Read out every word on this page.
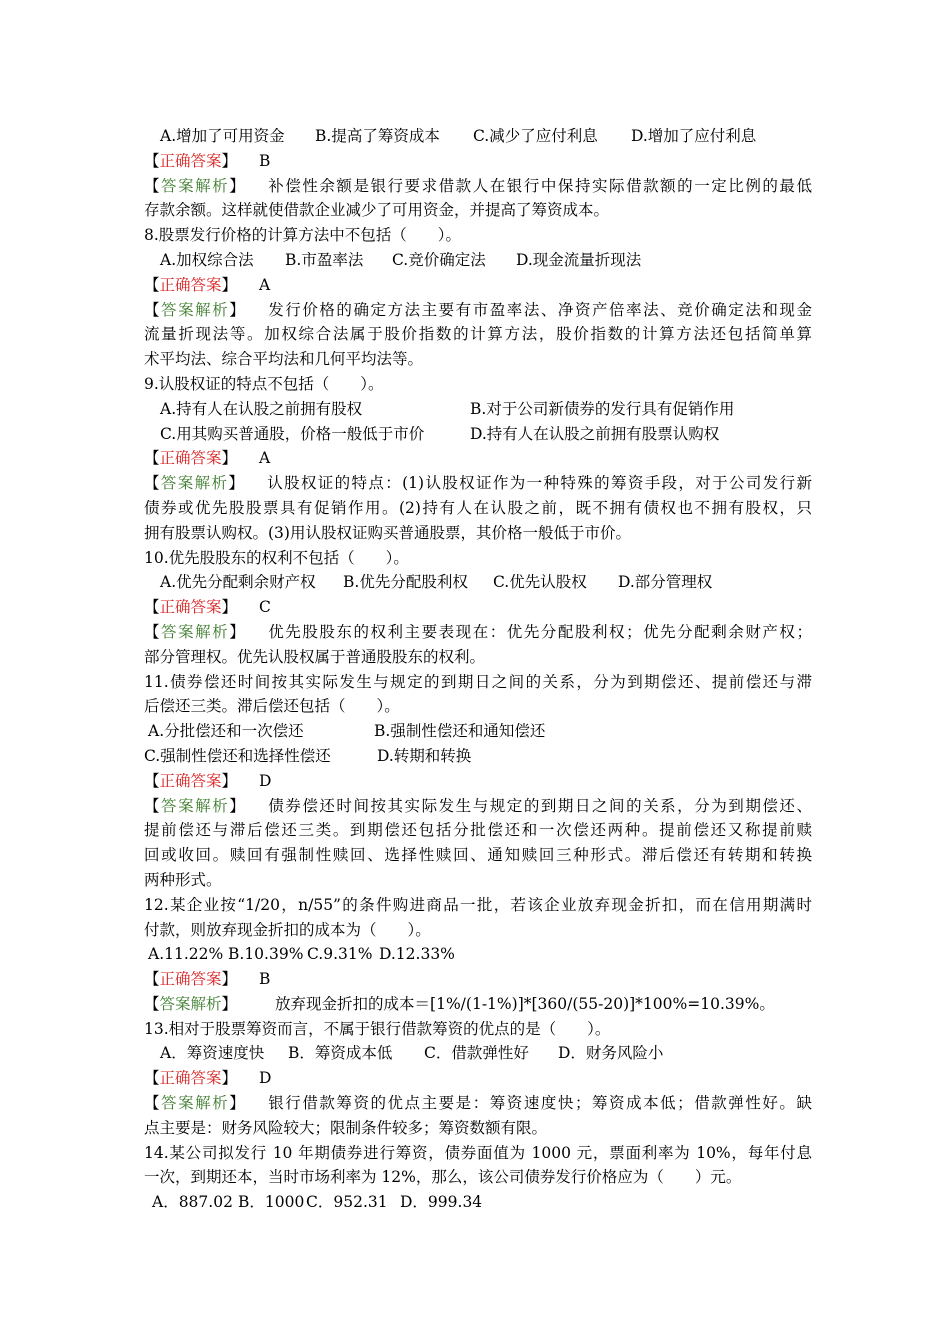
A.增加了可用资金 B.提高了筹资成本 C.减少了应付利息 D.增加了应付利息
【正确答案】 B
【答案解析】 补偿性余额是银行要求借款人在银行中保持实际借款额的一定比例的最低
存款余额。这样就使借款企业减少了可用资金，并提高了筹资成本。
8.股票发行价格的计算方法中不包括（　　）。
A.加权综合法 B.市盈率法 C.竞价确定法 D.现金流量折现法
【正确答案】 A
【答案解析】 发行价格的确定方法主要有市盈率法、净资产倍率法、竞价确定法和现金
流量折现法等。加权综合法属于股价指数的计算方法，股价指数的计算方法还包括简单算
术平均法、综合平均法和几何平均法等。
9.认股权证的特点不包括（　　）。
A.持有人在认股之前拥有股权	B.对于公司新债券的发行具有促销作用
C.用其购买普通股，价格一般低于市价	D.持有人在认股之前拥有股票认购权
【正确答案】 A
【答案解析】 认股权证的特点：(1)认股权证作为一种特殊的筹资手段，对于公司发行新
债券或优先股股票具有促销作用。(2)持有人在认股之前，既不拥有债权也不拥有股权，只
拥有股票认购权。(3)用认股权证购买普通股票，其价格一般低于市价。
10.优先股股东的权利不包括（　　）。
A.优先分配剩余财产权 B.优先分配股利权 C.优先认股权 D.部分管理权
【正确答案】 C
【答案解析】 优先股股东的权利主要表现在：优先分配股利权；优先分配剩余财产权；
部分管理权。优先认股权属于普通股股东的权利。
11.债券偿还时间按其实际发生与规定的到期日之间的关系，分为到期偿还、提前偿还与滞
后偿还三类。滞后偿还包括（　　）。
A.分批偿还和一次偿还	B.强制性偿还和通知偿还
C.强制性偿还和选择性偿还	D.转期和转换
【正确答案】 D
【答案解析】 债券偿还时间按其实际发生与规定的到期日之间的关系，分为到期偿还、
提前偿还与滞后偿还三类。到期偿还包括分批偿还和一次偿还两种。提前偿还又称提前赎
回或收回。赎回有强制性赎回、选择性赎回、通知赎回三种形式。滞后偿还有转期和转换
两种形式。
12.某企业按“1/20，n/55”的条件购进商品一批，若该企业放弃现金折扣，而在信用期满时
付款，则放弃现金折扣的成本为（　　）。
A.11.22% B.10.39% C.9.31% D.12.33%
【正确答案】 B
【答案解析】 放弃现金折扣的成本＝[1%/(1-1%)]*[360/(55-20)]*100%=10.39%。
13.相对于股票筹资而言，不属于银行借款筹资的优点的是（　　）。
A．筹资速度快 B．筹资成本低 C．借款弹性好 D．财务风险小
【正确答案】 D
【答案解析】 银行借款筹资的优点主要是：筹资速度快；筹资成本低；借款弹性好。缺
点主要是：财务风险较大；限制条件较多；筹资数额有限。
14.某公司拟发行 10 年期债券进行筹资，债券面值为 1000 元，票面利率为 10%，每年付息
一次，到期还本，当时市场利率为 12%，那么，该公司债券发行价格应为（　　）元。
A．887.02 B．1000 C．952.31 D．999.34
